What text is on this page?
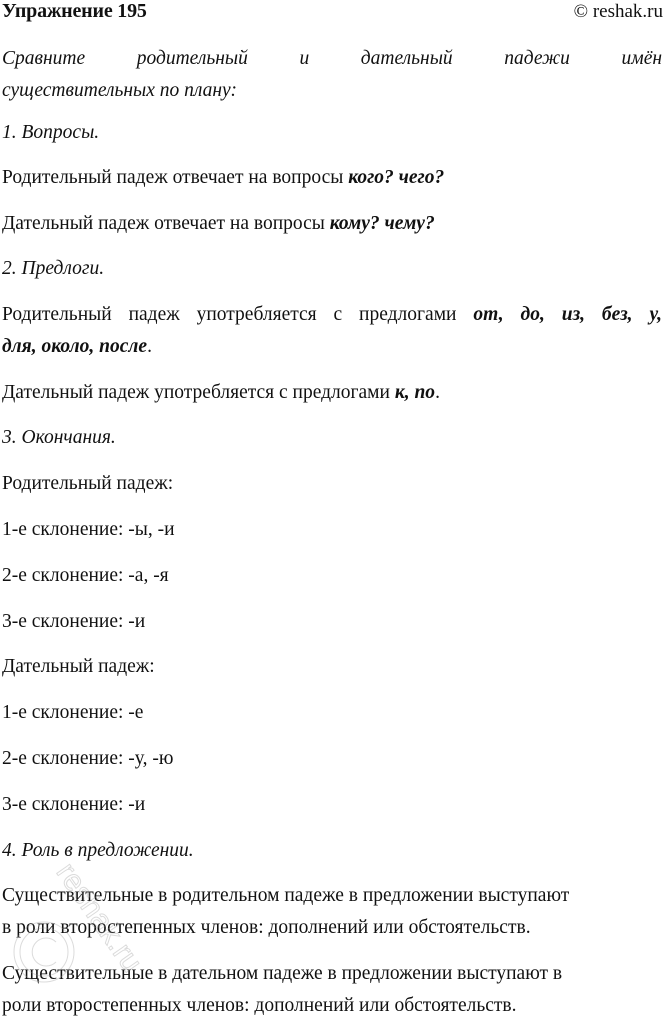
Упражнение 195	© reshak.ru
Сравните	родительный	и	дательный	падежи	имён
существительных по плану:
1. Вопросы.
Родительный падеж отвечает на вопросы кого? чего?
Дательный падеж отвечает на вопросы кому? чему?
2. Предлоги.
Родительный падеж употребляется с предлогами от, до, из, без, у,
для, около, после.
Дательный падеж употребляется с предлогами к, по.
3. Окончания.
Родительный падеж:
1-е склонение: -ы, -и
2-е склонение: -а, -я
3-е склонение: -и
Дательный падеж:
1-е склонение: -е
2-е склонение: -у, -ю
3-е склонение: -и
4. Роль в предложении.
Существительные в родительном падеже в предложении выступают
в роли второстепенных членов: дополнений или обстоятельств.
Существительные в дательном падеже в предложении выступают в
роли второстепенных членов: дополнений или обстоятельств.
reshak.ru
